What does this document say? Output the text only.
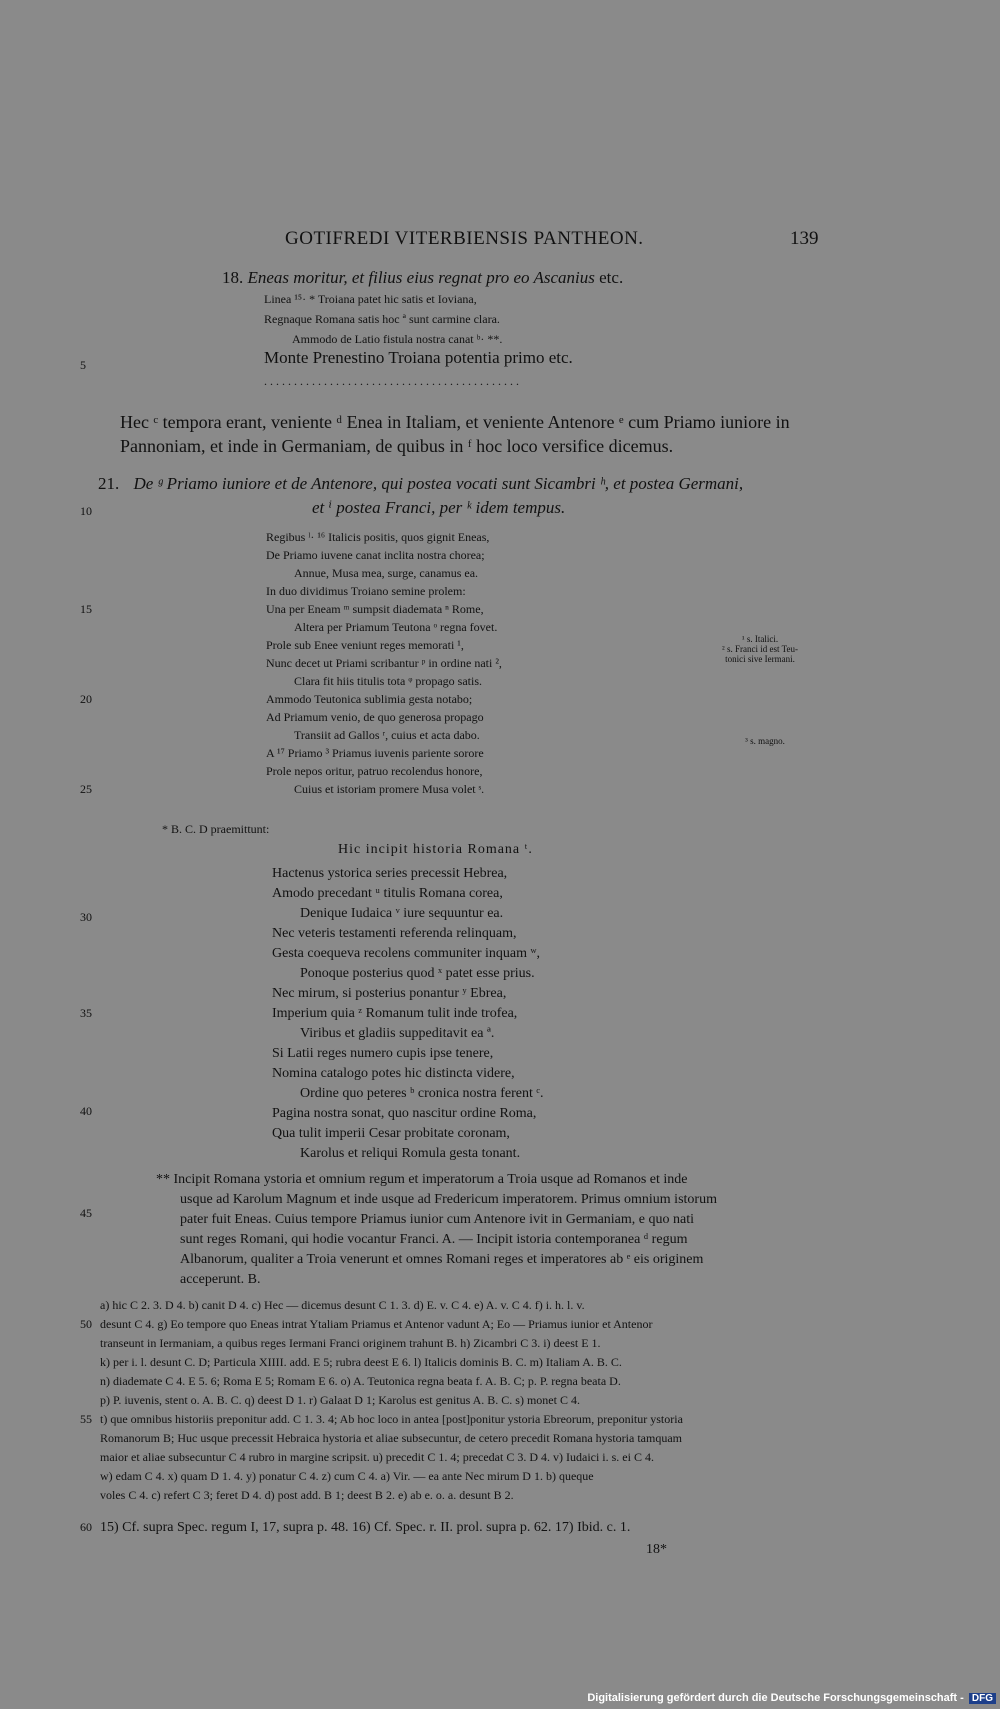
GOTIFREDI VITERBIENSIS PANTHEON.	139
18. Eneas moritur, et filius eius regnat pro eo Ascanius etc.
Linea ¹⁵· * Troiana patet hic satis et Ioviana,
Regnaque Romana satis hoc ª sunt carmine clara.
Ammodo de Latio fistula nostra canat ᵇ· **.
Monte Prenestino Troiana potentia primo etc.
. . . . . . . . . . . . . . . . . . . . . . . . . . . . . . . . . . . . . . . . . . .
Hec ᶜ tempora erant, veniente ᵈ Enea in Italiam, et veniente Antenore ᵉ cum Priamo iuniore in Pannoniam, et inde in Germaniam, de quibus in ᶠ hoc loco versifice dicemus.
21. De ᵍ Priamo iuniore et de Antenore, qui postea vocati sunt Sicambri ʰ, et postea Germani,
et ⁱ postea Franci, per ᵏ idem tempus.
Regibus ˡ· ¹⁶ Italicis positis, quos gignit Eneas,
De Priamo iuvene canat inclita nostra chorea;
Annue, Musa mea, surge, canamus ea.
In duo dividimus Troiano semine prolem:
Una per Eneam ᵐ sumpsit diademata ⁿ Rome,
Altera per Priamum Teutona ᵒ regna fovet.
Prole sub Enee veniunt reges memorati ¹,
Nunc decet ut Priami scribantur ᵖ in ordine nati ²,
Clara fit hiis titulis tota ᵠ propago satis.
Ammodo Teutonica sublimia gesta notabo;
Ad Priamum venio, de quo generosa propago
Transiit ad Gallos ʳ, cuius et acta dabo.
A ¹⁷ Priamo ³ Priamus iuvenis pariente sorore
Prole nepos oritur, patruo recolendus honore,
Cuius et istoriam promere Musa volet ˢ.
¹ s. Italici.
² s. Franci id est Teu-
tonici sive Iermani.
³ s. magno.
* B. C. D praemittunt:
Hic incipit historia Romana ᵗ.
Hactenus ystorica series precessit Hebrea,
Amodo precedant ᵘ titulis Romana corea,
Denique Iudaica ᵛ iure sequuntur ea.
Nec veteris testamenti referenda relinquam,
Gesta coequeva recolens communiter inquam ʷ,
Ponoque posterius quod ˣ patet esse prius.
Nec mirum, si posterius ponantur ʸ Ebrea,
Imperium quia ᶻ Romanum tulit inde trofea,
Viribus et gladiis suppeditavit ea ª.
Si Latii reges numero cupis ipse tenere,
Nomina catalogo potes hic distincta videre,
Ordine quo peteres ᵇ cronica nostra ferent ᶜ.
Pagina nostra sonat, quo nascitur ordine Roma,
Qua tulit imperii Cesar probitate coronam,
Karolus et reliqui Romula gesta tonant.
** Incipit Romana ystoria et omnium regum et imperatorum a Troia usque ad Romanos et inde
usque ad Karolum Magnum et inde usque ad Fredericum imperatorem. Primus omnium istorum
pater fuit Eneas. Cuius tempore Priamus iunior cum Antenore ivit in Germaniam, e quo nati
sunt reges Romani, qui hodie vocantur Franci. A. — Incipit istoria contemporanea ᵈ regum
Albanorum, qualiter a Troia venerunt et omnes Romani reges et imperatores ab ᵉ eis originem
acceperunt. B.
a) hic C 2. 3. D 4. b) canit D 4. c) Hec — dicemus desunt C 1. 3. d) E. v. C 4. e) A. v. C 4. f) i. h. l. v.
desunt C 4. g) Eo tempore quo Eneas intrat Ytaliam Priamus et Antenor vadunt A; Eo — Priamus iunior et Antenor
transeunt in Iermaniam, a quibus reges Iermani Franci originem trahunt B. h) Zicambri C 3. i) deest E 1.
k) per i. l. desunt C. D; Particula XIIII. add. E 5; rubra deest E 6. l) Italicis dominis B. C. m) Italiam A. B. C.
n) diademate C 4. E 5. 6; Roma E 5; Romam E 6. o) A. Teutonica regna beata f. A. B. C; p. P. regna beata D.
p) P. iuvenis, stent o. A. B. C. q) deest D 1. r) Galaat D 1; Karolus est genitus A. B. C. s) monet C 4.
t) que omnibus historiis preponitur add. C 1. 3. 4; Ab hoc loco in antea [post]ponitur ystoria Ebreorum, preponitur ystoria
Romanorum B; Huc usque precessit Hebraica hystoria et aliae subsecuntur, de cetero precedit Romana hystoria tamquam
maior et aliae subsecuntur C 4 rubro in margine scripsit. u) precedit C 1. 4; precedat C 3. D 4. v) Iudaici i. s. ei C 4.
w) edam C 4. x) quam D 1. 4. y) ponatur C 4. z) cum C 4. a) Vir. — ea ante Nec mirum D 1. b) queque
voles C 4. c) refert C 3; feret D 4. d) post add. B 1; deest B 2. e) ab e. o. a. desunt B 2.
15) Cf. supra Spec. regum I, 17, supra p. 48. 16) Cf. Spec. r. II. prol. supra p. 62. 17) Ibid. c. 1.
18*
5
10
15
20
25
30
35
40
45
50
55
60
Digitalisierung gefördert durch die Deutsche Forschungsgemeinschaft - DFG
